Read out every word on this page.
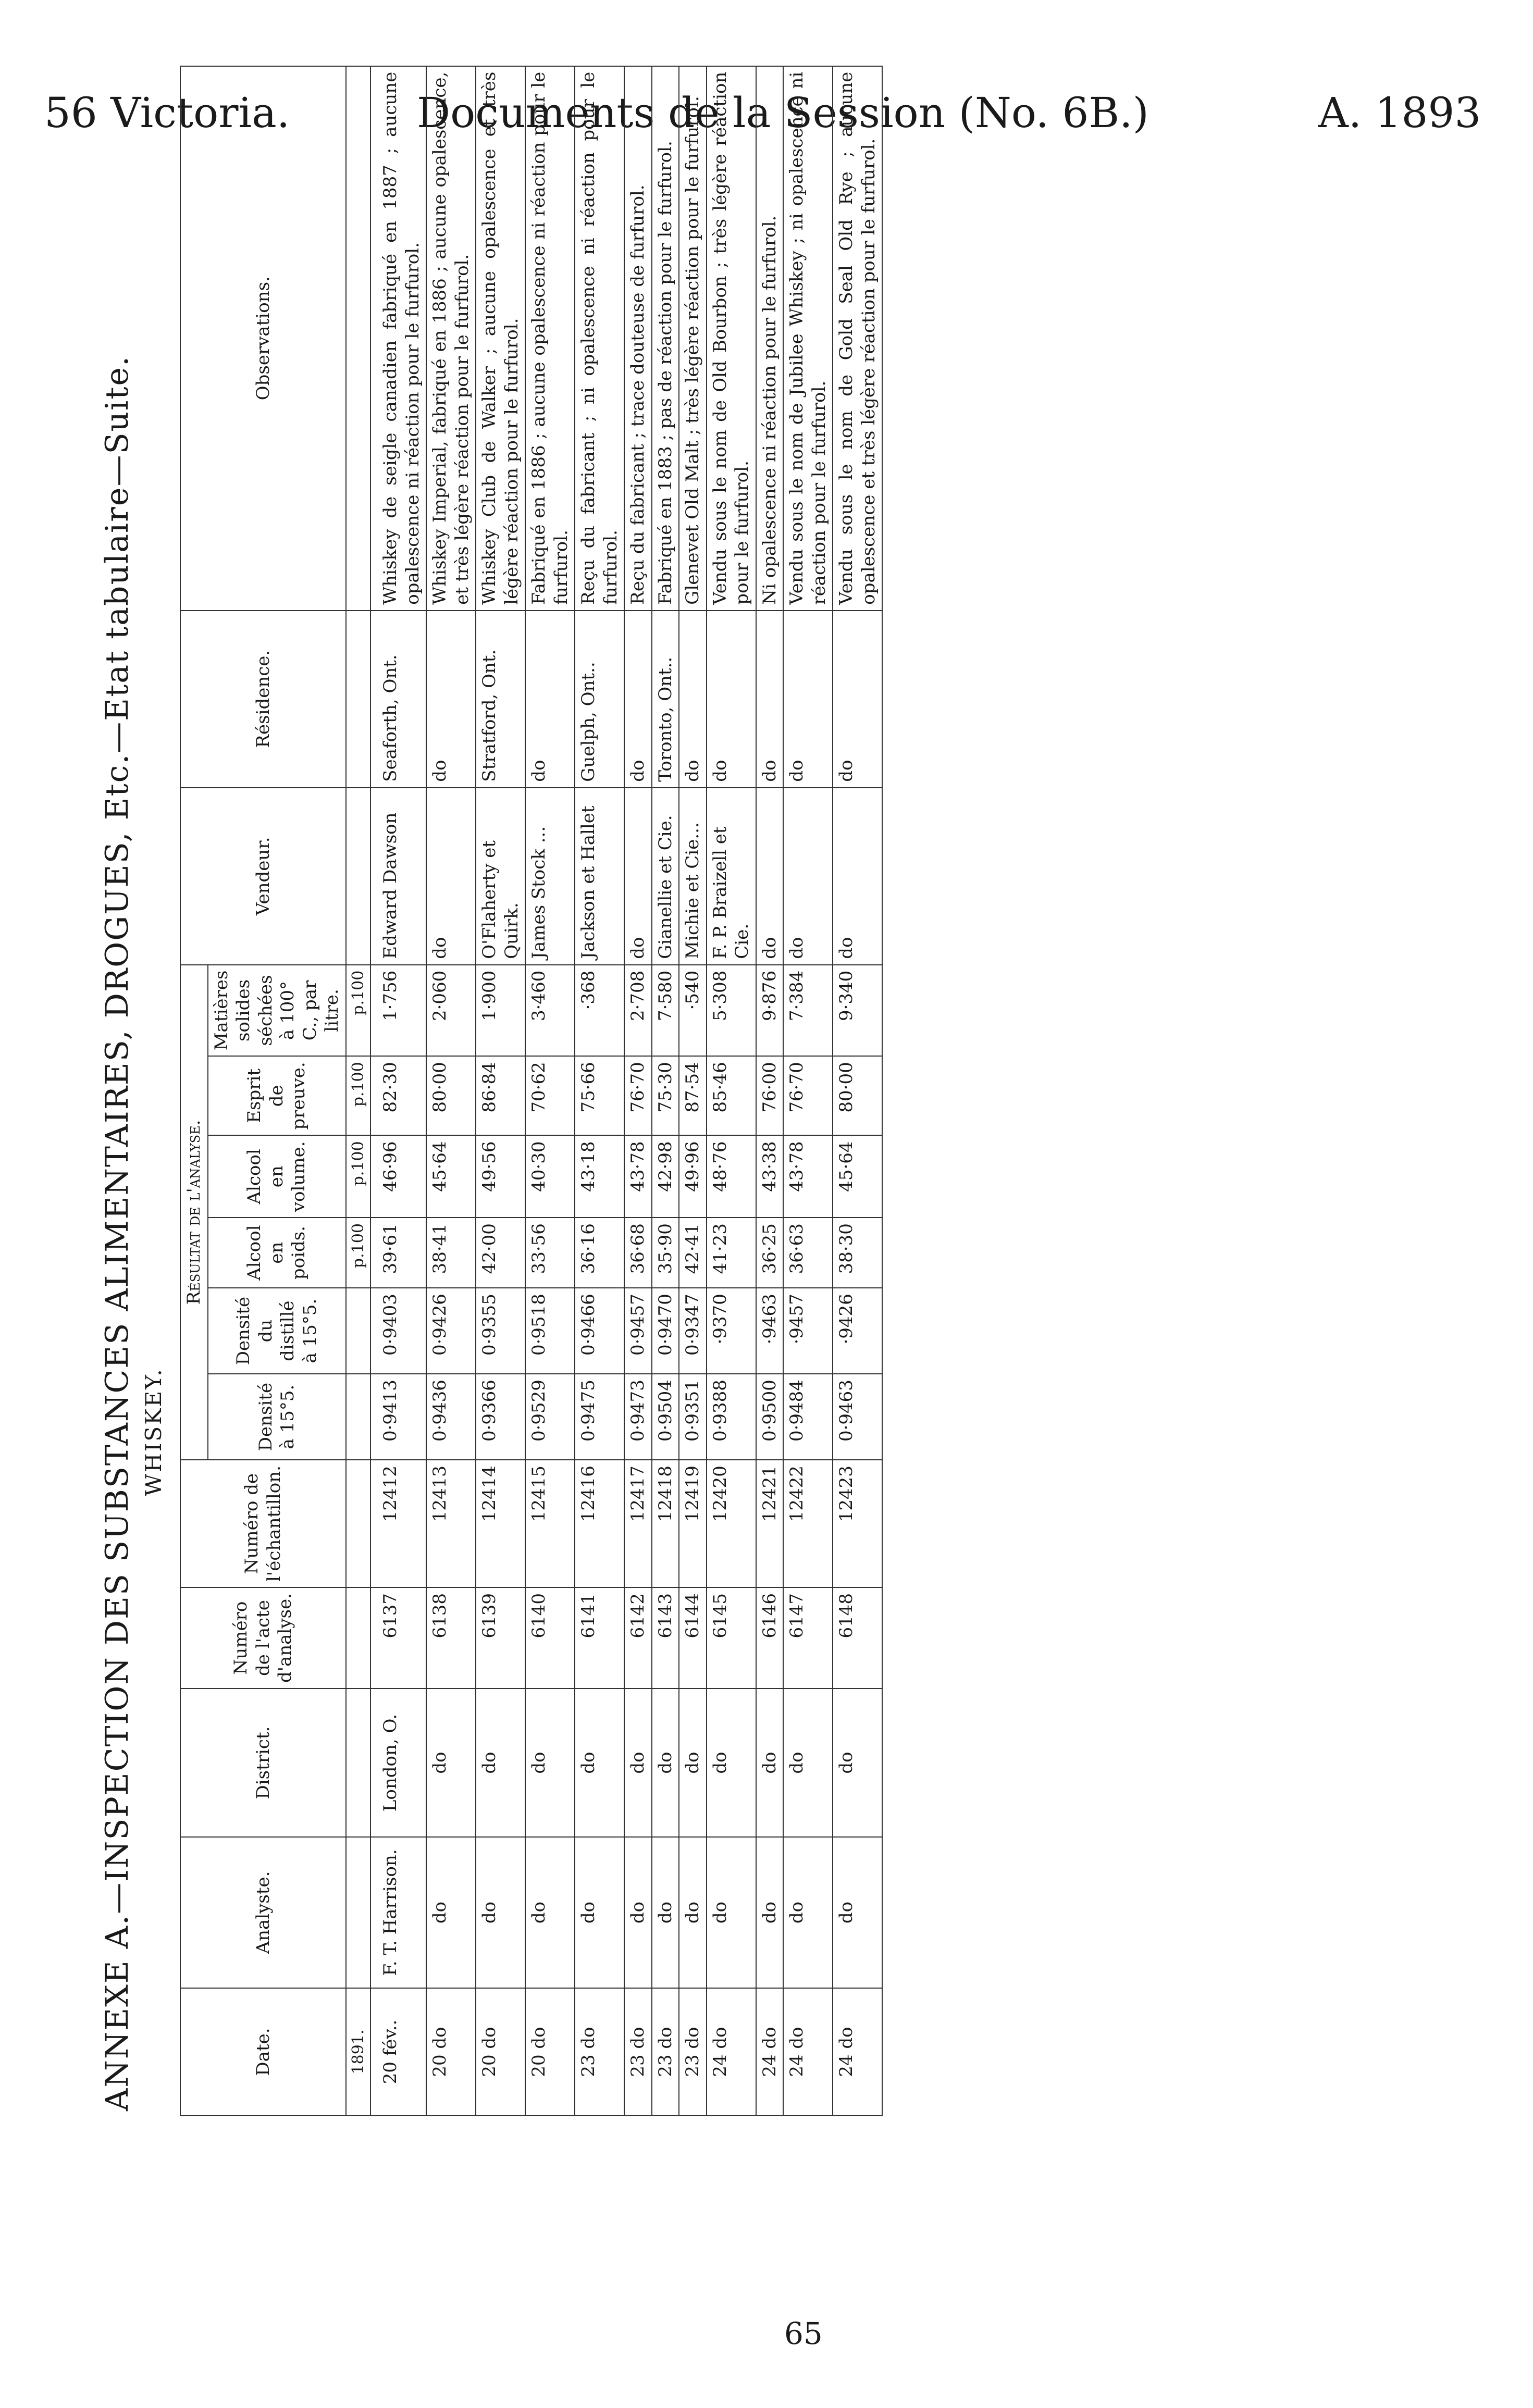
56 Victoria.	Documents de la Session (No. 6B.)	A. 1893
ANNEXE A.—INSPECTION DES SUBSTANCES ALIMENTAIRES, DROGUES, Etc.—Etat tabulaire—Suite. WHISKEY.
Date.	Analyste.	District.	Numéro de l'acte d'analyse.	Numéro de l'échantillon.	Résultat de l'analyse.						Vendeur.	Résidence.	Observations.
					Densité à 15°5.	Densité du distillé à 15°5.	Alcool en poids.	Alcool en volume.	Esprit de preuve.	Matières solides séchées à 100° C., par litre.			
1891.							p.100	p.100	p.100	p.100			
20 fév..	F. T. Harrison.	London, O.	6137	12412	0·9413	0·9403	39·61	46·96	82·30	1·756	Edward Dawson	Seaforth, Ont.	Whiskey de seigle canadien fabriqué en 1887 ; aucune opalescence ni réaction pour le furfurol.
20 do	do	do	6138	12413	0·9436	0·9426	38·41	45·64	80·00	2·060	do	do	Whiskey Imperial, fabriqué en 1886 ; aucune opalescence, et très légère réaction pour le furfurol.
20 do	do	do	6139	12414	0·9366	0·9355	42·00	49·56	86·84	1·900	O'Flaherty et Quirk.	Stratford, Ont.	Whiskey Club de Walker ; aucune opalescence et très légère réaction pour le furfurol.
20 do	do	do	6140	12415	0·9529	0·9518	33·56	40·30	70·62	3·460	James Stock ...	do	Fabriqué en 1886 ; aucune opalescence ni réaction pour le furfurol.
23 do	do	do	6141	12416	0·9475	0·9466	36·16	43·18	75·66	·368	Jackson et Hallet	Guelph, Ont..	Reçu du fabricant ; ni opalescence ni réaction pour le furfurol.
23 do	do	do	6142	12417	0·9473	0·9457	36·68	43·78	76·70	2·708	do	do	Reçu du fabricant ; trace douteuse de furfurol.
23 do	do	do	6143	12418	0·9504	0·9470	35·90	42·98	75·30	7·580	Gianellie et Cie.	Toronto, Ont..	Fabriqué en 1883 ; pas de réaction pour le furfurol.
23 do	do	do	6144	12419	0·9351	0·9347	42·41	49·96	87·54	·540	Michie et Cie...	do	Glenevet Old Malt ; très légère réaction pour le furfurol.
24 do	do	do	6145	12420	0·9388	·9370	41·23	48·76	85·46	5·308	F. P. Braizell et Cie.	do	Vendu sous le nom de Old Bourbon ; très légère réaction pour le furfurol.
24 do	do	do	6146	12421	0·9500	·9463	36·25	43·38	76·00	9·876	do	do	Ni opalescence ni réaction pour le furfurol.
24 do	do	do	6147	12422	0·9484	·9457	36·63	43·78	76·70	7·384	do	do	Vendu sous le nom de Jubilee Whiskey ; ni opalescence ni réaction pour le furfurol.
24 do	do	do	6148	12423	0·9463	·9426	38·30	45·64	80·00	9·340	do	do	Vendu sous le nom de Gold Seal Old Rye ; aucune opalescence et très légère réaction pour le furfurol.
65
